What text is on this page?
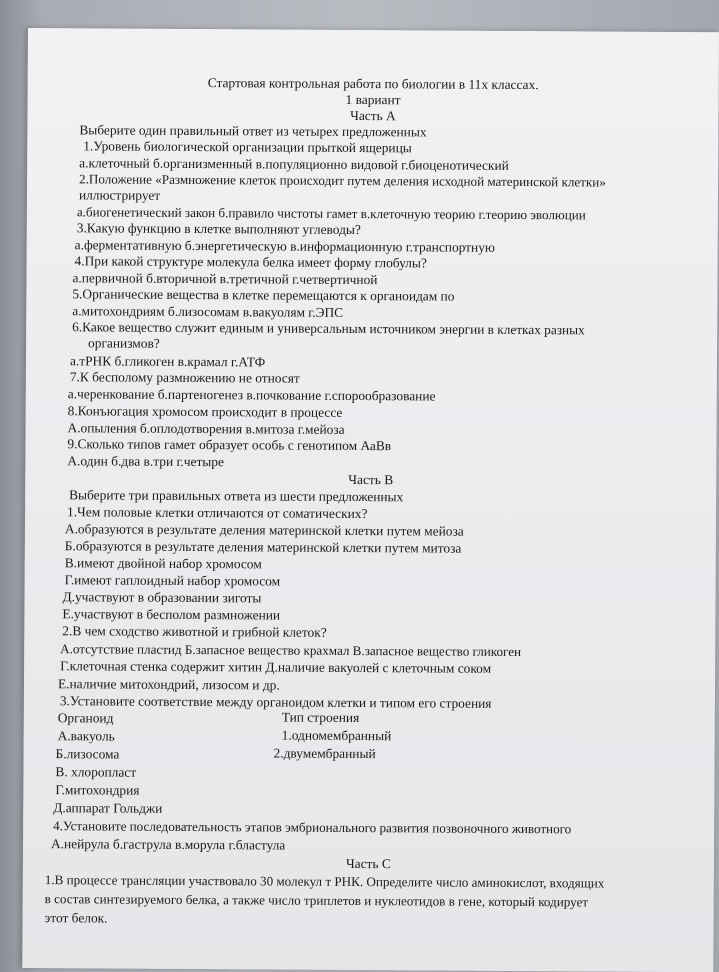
Стартовая контрольная работа по биологии в 11х классах.
1 вариант
Часть А
Выберите один правильный ответ из четырех предложенных
1.Уровень биологической организации прыткой ящерицы
а.клеточный б.организменный в.популяционно видовой г.биоценотический
2.Положение «Размножение клеток происходит путем деления исходной материнской клетки»
иллюстрирует
а.биогенетический закон б.правило чистоты гамет в.клеточную теорию г.теорию эволюции
3.Какую функцию в клетке выполняют углеводы?
а.ферментативную б.энергетическую в.информационную г.транспортную
4.При какой структуре молекула белка имеет форму глобулы?
а.первичной б.вторичной в.третичной г.четвертичной
5.Органические вещества в клетке перемещаются к органоидам по
а.митохондриям б.лизосомам в.вакуолям г.ЭПС
6.Какое вещество служит единым и универсальным источником энергии в клетках разных
организмов?
а.тРНК б.гликоген в.крамал г.АТФ
7.К бесполому размножению не относят
а.черенкование б.партеногенез в.почкование г.спорообразование
8.Конъюгация хромосом происходит в процессе
А.опыления б.оплодотворения в.митоза г.мейоза
9.Сколько типов гамет образует особь с генотипом АаВв
А.один б.два в.три г.четыре
Часть В
Выберите три правильных ответа из шести предложенных
1.Чем половые клетки отличаются от соматических?
А.образуются в результате деления материнской клетки путем мейоза
Б.образуются в результате деления материнской клетки путем митоза
В.имеют двойной набор хромосом
Г.имеют гаплоидный набор хромосом
Д.участвуют в образовании зиготы
Е.участвуют в бесполом размножении
2.В чем сходство животной и грибной клеток?
А.отсутствие пластид Б.запасное вещество крахмал В.запасное вещество гликоген
Г.клеточная стенка содержит хитин Д.наличие вакуолей с клеточным соком
Е.наличие митохондрий, лизосом и др.
3.Установите соответствие между органоидом клетки и типом его строения
Органоид	Тип строения
А.вакуоль	1.одномембранный
Б.лизосома	2.двумембранный
В. хлоропласт
Г.митохондрия
Д.аппарат Гольджи
4.Установите последовательность этапов эмбрионального развития позвоночного животного
А.нейрула б.гаструла в.морула г.бластула
Часть С
1.В процессе трансляции участвовало 30 молекул т РНК. Определите число аминокислот, входящих
в состав синтезируемого белка, а также число триплетов и нуклеотидов в гене, который кодирует
этот белок.
